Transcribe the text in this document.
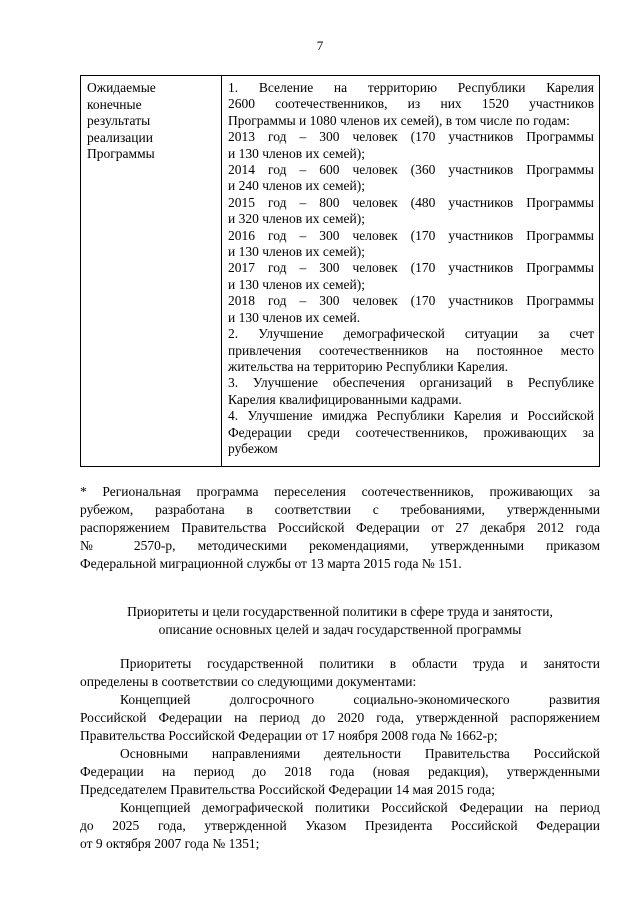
7
Ожидаемые
конечные
результаты
реализации
Программы
1. Вселение на территорию Республики Карелия
2600 соотечественников, из них 1520 участников
Программы и 1080 членов их семей), в том числе по годам:
2013 год – 300 человек (170 участников Программы
и 130 членов их семей);
2014 год – 600 человек (360 участников Программы
и 240 членов их семей);
2015 год – 800 человек (480 участников Программы
и 320 членов их семей);
2016 год – 300 человек (170 участников Программы
и 130 членов их семей);
2017 год – 300 человек (170 участников Программы
и 130 членов их семей);
2018 год – 300 человек (170 участников Программы
и 130 членов их семей.
2. Улучшение демографической ситуации за счет
привлечения соотечественников на постоянное место
жительства на территорию Республики Карелия.
3. Улучшение обеспечения организаций в Республике
Карелия квалифицированными кадрами.
4. Улучшение имиджа Республики Карелия и Российской
Федерации среди соотечественников, проживающих за
рубежом
* Региональная программа переселения соотечественников, проживающих за
рубежом, разработана в соответствии с требованиями, утвержденными
распоряжением Правительства Российской Федерации от 27 декабря 2012 года
№ 2570-р, методическими рекомендациями, утвержденными приказом
Федеральной миграционной службы от 13 марта 2015 года № 151.
Приоритеты и цели государственной политики в сфере труда и занятости,
описание основных целей и задач государственной программы
Приоритеты государственной политики в области труда и занятости
определены в соответствии со следующими документами:
Концепцией долгосрочного социально-экономического развития
Российской Федерации на период до 2020 года, утвержденной распоряжением
Правительства Российской Федерации от 17 ноября 2008 года № 1662-р;
Основными направлениями деятельности Правительства Российской
Федерации на период до 2018 года (новая редакция), утвержденными
Председателем Правительства Российской Федерации 14 мая 2015 года;
Концепцией демографической политики Российской Федерации на период
до 2025 года, утвержденной Указом Президента Российской Федерации
от 9 октября 2007 года № 1351;
